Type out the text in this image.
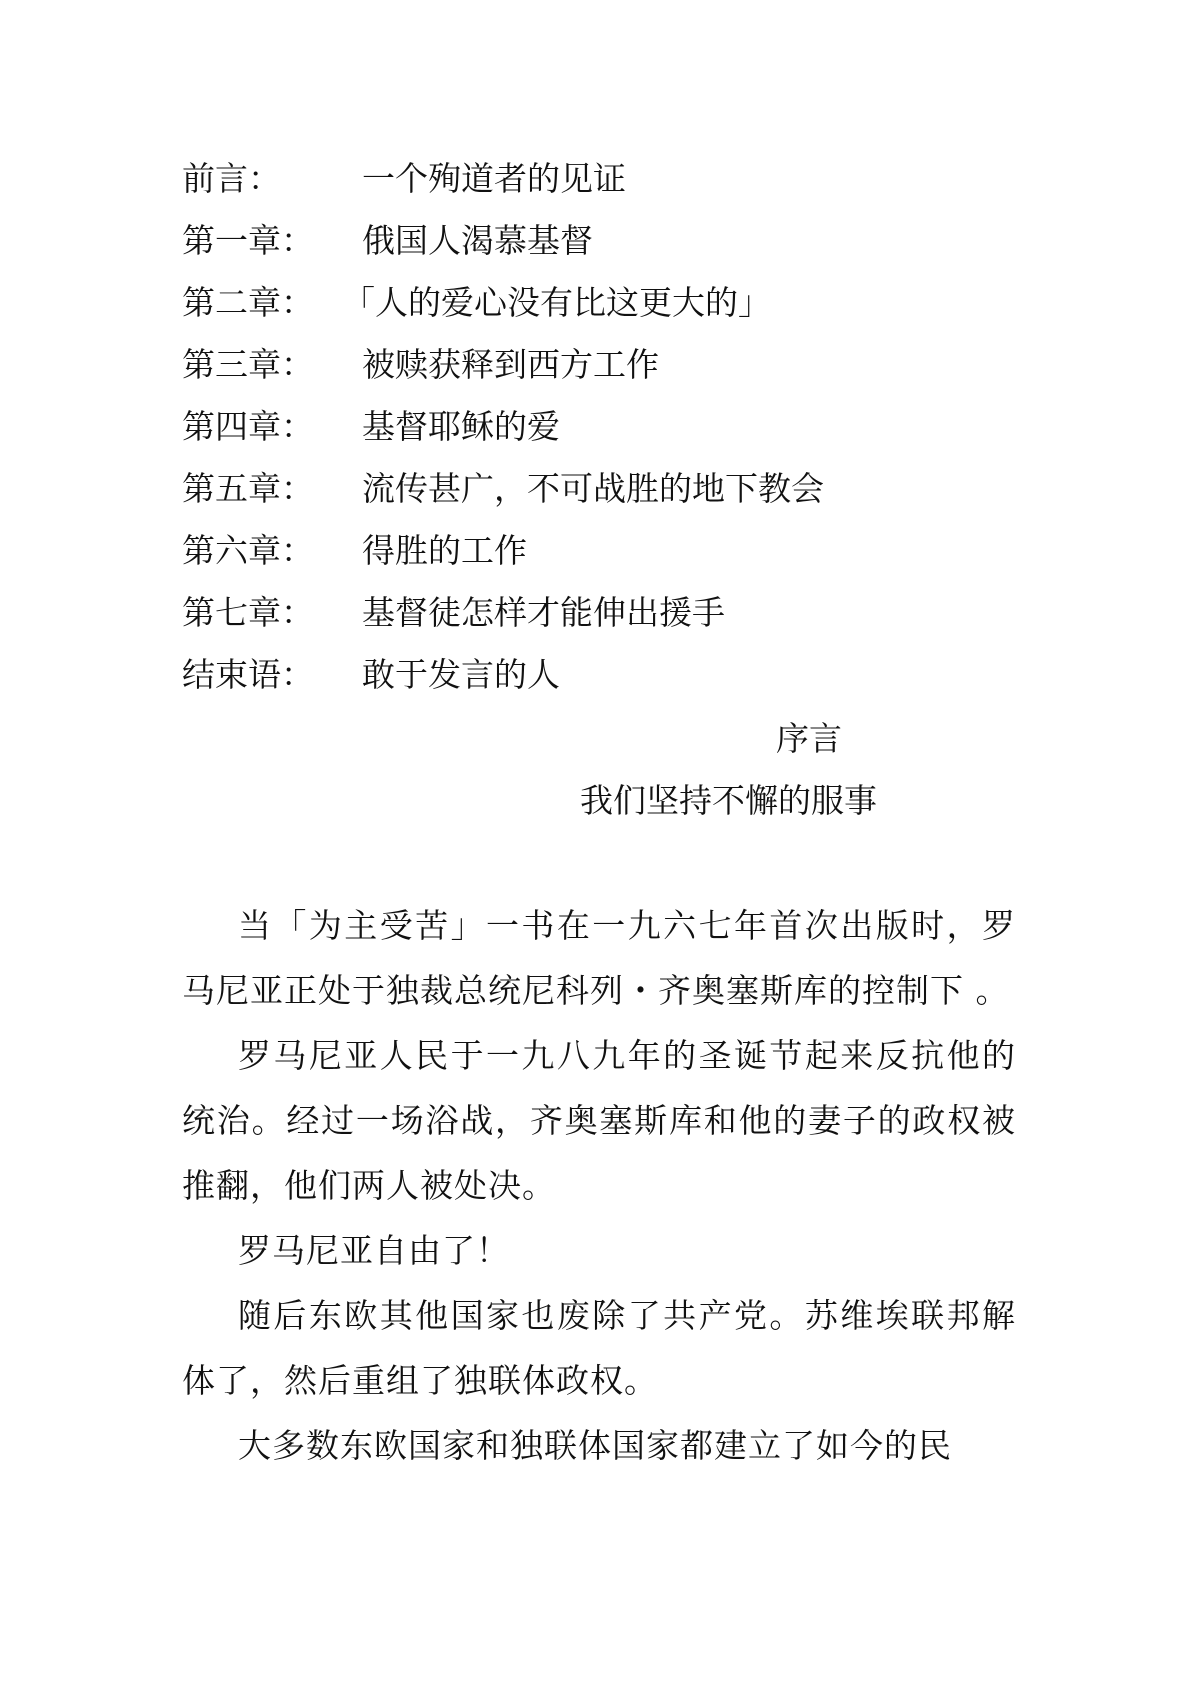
前言：	一个殉道者的见证
第一章：	俄国人渴慕基督
第二章： 「人的爱心没有比这更大的」
第三章：	被赎获释到西方工作
第四章：	基督耶稣的爱
第五章：	流传甚广，不可战胜的地下教会
第六章：	得胜的工作
第七章：	基督徒怎样才能伸出援手
结束语：	敢于发言的人
序言
我们坚持不懈的服事

当「为主受苦」一书在一九六七年首次出版时，罗马尼亚正处于独裁总统尼科列・齐奥塞斯库的控制下 。

罗马尼亚人民于一九八九年的圣诞节起来反抗他的统治。经过一场浴战，齐奥塞斯库和他的妻子的政权被推翻，他们两人被处决。

罗马尼亚自由了！

随后东欧其他国家也废除了共产党。苏维埃联邦解体了，然后重组了独联体政权。

大多数东欧国家和独联体国家都建立了如今的民
